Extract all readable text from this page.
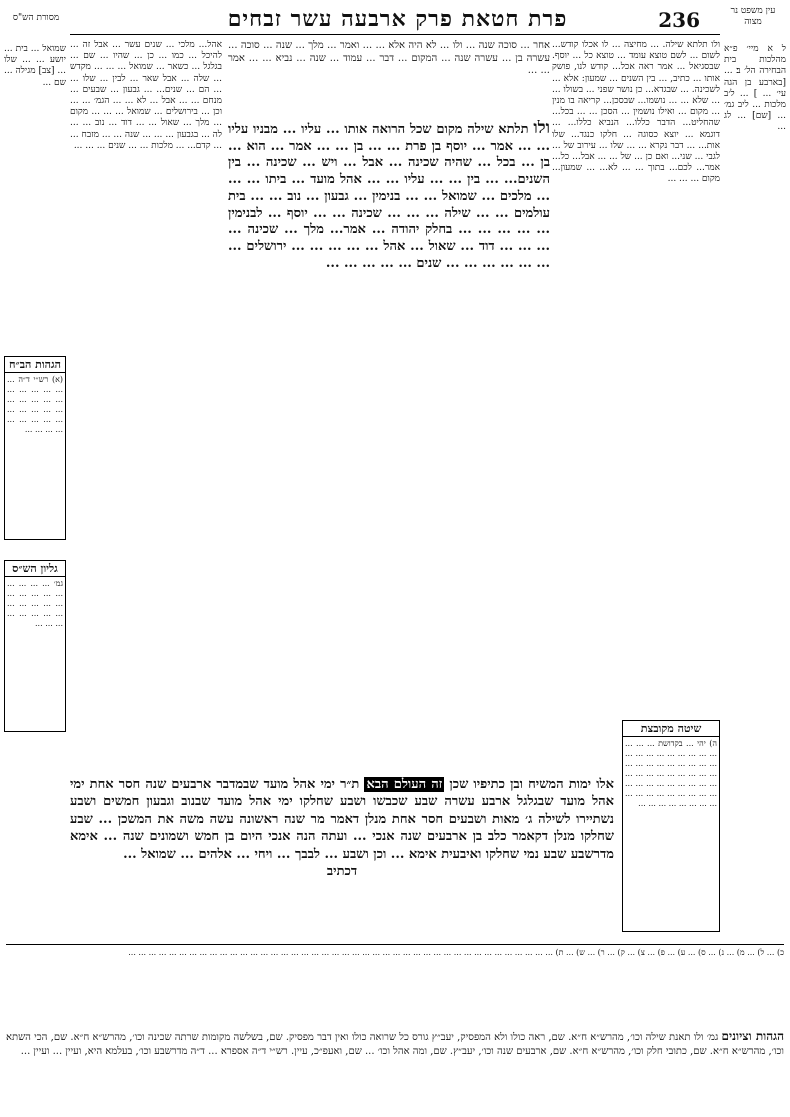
עין משפט נר מצוה
236
פרת חטאת פרק ארבעה עשר זבחים
מסורת הש"ס
ל א מיי׳ פ״א מהלכות בית הבחירה הל׳ ב׃ ... [בארבע בן הגה עי׳ ... ] ... ל׳ב מלכות ... ליב גמ׳ ... [שם] ... לג ...
שמואל ... בית ... יושע ... ... שלו ... [צב] מגילה ... שם ...
ולו תלתא שילה. ... מחיצה ... לו אכלו קודש... לשום ... לשם טוצא עומד ... טוצא כל ... יוסף. שבסגיאל ... אמר ראה אכל... קודש לנו, פושק אותו ... כתיב, ... בין השנים ... שמעון: אלא ... לשכינה. ... שבגדא... כן נושר שפני ... בשולו ... ... שלא ... ... נושמו... שבסכן... קריאה בו מנין ... מקום ... ואילו נושמין ... הסכן ... ... בכל... שהחליט... הדבר כללו... הנביא כללו... ... דוגמא ... יוצא כסוגה ... חלקו כנגד... שלו אות... ... דבר נקרא ... ... שלו ... עירוב של ... לגבי ... שני... ואם כן ... של ... ... אבל... כל... אמר... לכם... בתוך ... ... לא... ... שמעון... מקום ... ... ...
אהל... מלכי ... שנים עשר ... אבל זה ... להיכל ... כמו ... כן ... שהיו ... שם ... בגלגל ... כשאר ... שמואל ... ... ... מקדש ... שלה ... אבל שאר ... לבין ... שלו ... ... הם ... שנים... ... גבעון ... שבעים ... מנחם ... ... אבל ... לא ... ... הגמ׳ ... ... וכן ... בירושלים ... שמואל ... ... ... מקום ... מלך ... שאול ... ... דוד ... נוב ... ... לה ... בגבעון ... ... ... שנה ... ... מזבח ... ... קדם... ... מלכות ... ... שנים ... ... ...
אחר ... סוכה שנה ... ולו ... לא היה אלא ... ... ואמר ... מלך ... שנה ... סוכה ... עשרה בן ... עשרה שנה ... המקום ... דבר ... עמוד ... שנה ... נביא ... ... אמר ... ...
ולו תלתא שילה מקום שכל הרואה אותו ... עליו ... מבניו עליו ... ... אמר ... יוסף בן פרת ... ... בן ... ... אמר ... הוא ... בן ... בכל ... שהיה שכינה ... אבל ... ויש ... שכינה ... בין השנים... ... בין ... ... עליו ... ... אהל מועד ... ביתו ... ... ... מלכים ... שמואל ... ... בנימין ... גבעון ... נוב ... ... בית עולמים ... ... שילה ... ... ... שכינה ... ... יוסף ... לבנימין ... ... ... ... ... בחלק יהודה ... אמר... מלך ... שכינה ... ... ... ... דוד ... שאול ... אהל ... ... ... ... ... ירושלים ... ... ... ... ... ... ... שנים ... ... ... ... ...
הגהות הב״ח
(א) רש״י ד״ה ... ... ... ... ... ... ... ... ... ... ... ... ... ... ... ... ... ... ... ... ... ... ... ... ...
גליון הש״ס
גמ׳ ... ... ... ... ... ... ... ... ... ... ... ... ... ... ... ... ... ... ... ... ... ...
שיטה מקובצת
ה) יהי ... בקדושת ... ... ... ... ... ... ... ... ... ... ... ... ... ... ... ... ... ... ... ... ... ... ... ... ... ... ... ... ... ... ... ... ... ... ... ... ... ... ... ... ... ... ... ... ... ... ... ... ... ... ... ... ... ... ... ...
אלו ימות המשיח ובן כתיפיו שכן זה העולם הבא ת״ר ימי אהל מועד שבמדבר ארבעים שנה חסר אחת ימי אהל מועד שבגלגל ארבע עשרה שבע שכבשו ושבע שחלקו ימי אהל מועד שבנוב וגבעון חמשים ושבע נשתיירו לשילה ג׳ מאות ושבעים חסר אחת מנלן דאמר מר שנה ראשונה עשה משה את המשכן ... שבע שחלקו מנלן דקאמר כלב בן ארבעים שנה אנכי ... ועתה הנה אנכי היום בן חמש ושמונים שנה ... אימא מדרשבע שבע נמי שחלקו ואיבעית אימא ... וכן ושבע ... לבבך ... ויחי ... אלהים ... שמואל ...
דכתיב
כ) ... ל) ... מ) ... נ) ... ס) ... ע) ... פ) ... צ) ... ק) ... ר) ... ש) ... ת) ... ... ... ... ... ... ... ... ... ... ... ... ... ... ... ... ... ... ... ... ... ... ... ... ... ... ... ... ... ... ... ... ... ... ... ... ... ... ... ... ... ...
הגהות וציונים גמ׳ ולו תאנת שילה וכו׳, מהרש״א ח״א. שם, ראה כולו ולא המפסיק, יעב״ץ גורס כל שרואה כולו ואין דבר מפסיק. שם, בשלשה מקומות שרתה שכינה וכו׳, מהרש״א ח״א. שם, הכי השתא וכו׳, מהרש״א ח״א. שם, כתובי חלק וכו׳, מהרש״א ח״א. שם, ארבעים שנה וכו׳, יעב״ץ. שם, ומה אהל וכו׳ ... שם, ואעפ״כ, עיין. רש״י ד״ה אספרא ... ד״ה מדרשבע וכו׳, בעלמא היא, ועיין ... ועיין ...
